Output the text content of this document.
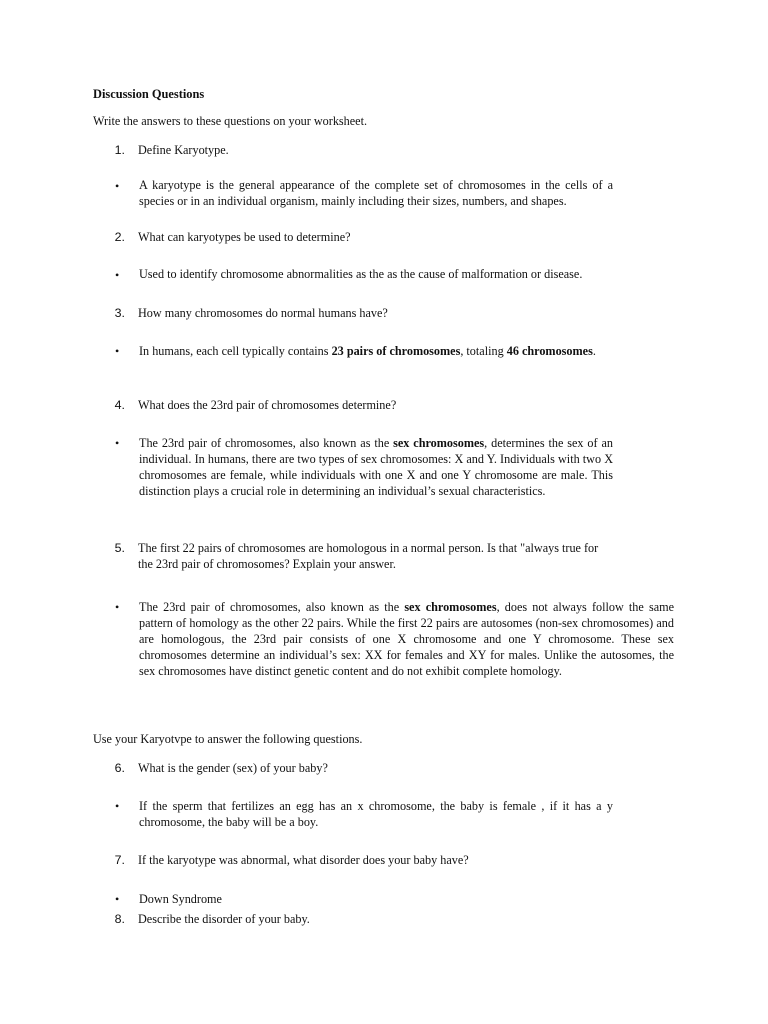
Discussion Questions
Write the answers to these questions on your worksheet.
1. Define Karyotype.
• A karyotype is the general appearance of the complete set of chromosomes in the cells of a species or in an individual organism, mainly including their sizes, numbers, and shapes.
2. What can karyotypes be used to determine?
• Used to identify chromosome abnormalities as the as the cause of malformation or disease.
3. How many chromosomes do normal humans have?
• In humans, each cell typically contains 23 pairs of chromosomes, totaling 46 chromosomes.
4. What does the 23rd pair of chromosomes determine?
• The 23rd pair of chromosomes, also known as the sex chromosomes, determines the sex of an individual. In humans, there are two types of sex chromosomes: X and Y. Individuals with two X chromosomes are female, while individuals with one X and one Y chromosome are male. This distinction plays a crucial role in determining an individual’s sexual characteristics.
5. The first 22 pairs of chromosomes are homologous in a normal person. Is that "always true for the 23rd pair of chromosomes? Explain your answer.
• The 23rd pair of chromosomes, also known as the sex chromosomes, does not always follow the same pattern of homology as the other 22 pairs. While the first 22 pairs are autosomes (non-sex chromosomes) and are homologous, the 23rd pair consists of one X chromosome and one Y chromosome. These sex chromosomes determine an individual’s sex: XX for females and XY for males. Unlike the autosomes, the sex chromosomes have distinct genetic content and do not exhibit complete homology.
Use your Karyotvpe to answer the following questions.
6. What is the gender (sex) of your baby?
• If the sperm that fertilizes an egg has an x chromosome, the baby is female , if it has a y chromosome, the baby will be a boy.
7. If the karyotype was abnormal, what disorder does your baby have?
• Down Syndrome
8. Describe the disorder of your baby.
